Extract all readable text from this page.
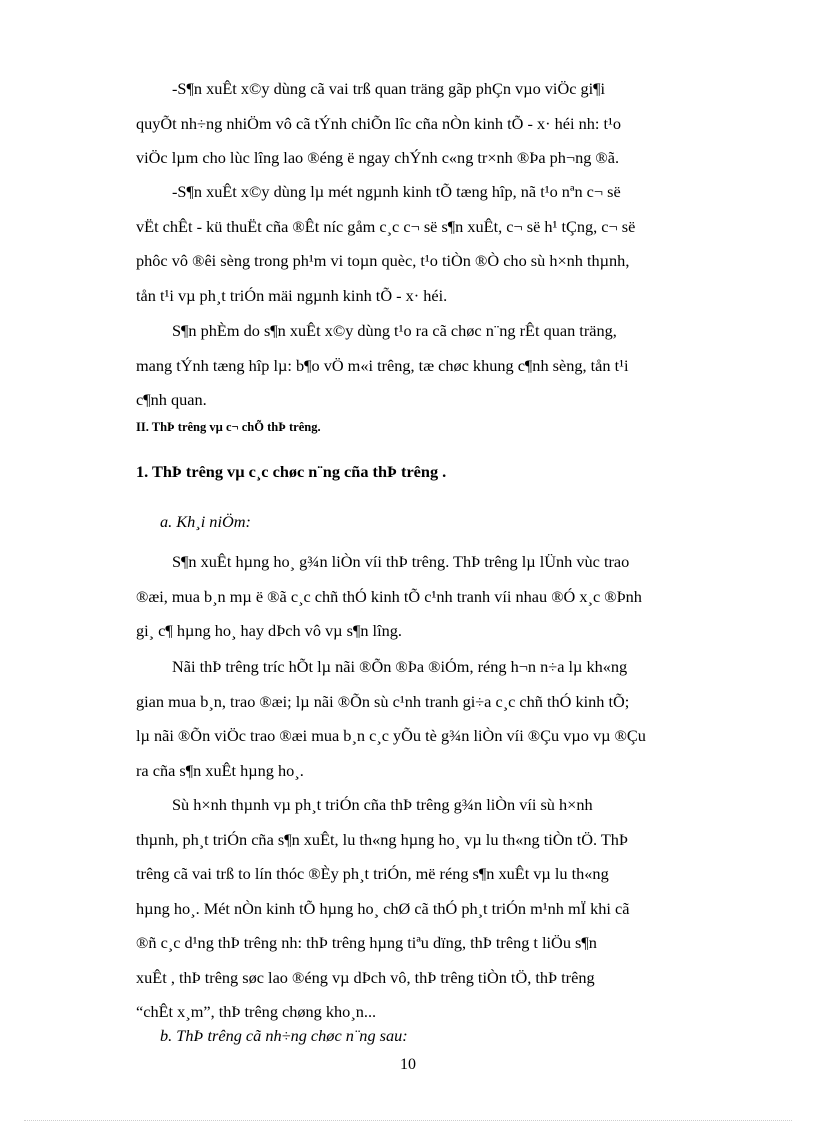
-S¶n xuÊt x©y dùng cã vai trß quan träng gãp phÇn vµo viÖc gi¶i
quyÕt nh÷ng nhiÖm vô cã tÝnh chiÕn lîc cña nÒn kinh tÕ - x· héi nh: t¹o
viÖc lµm cho lùc lîng lao ®éng ë ngay chÝnh c«ng tr×nh ®Þa ph¬ng ®ã.
-S¶n xuÊt x©y dùng lµ mét ngµnh kinh tÕ tæng hîp, nã t¹o nªn c¬ së
vËt chÊt - kü thuËt cña ®Êt níc gåm c¸c c¬ së s¶n xuÊt, c¬ së h¹ tÇng, c¬ së
phôc vô ®êi sèng trong ph¹m vi toµn quèc, t¹o tiÒn ®Ò cho sù h×nh thµnh,
tån t¹i vµ ph¸t triÓn mäi ngµnh kinh tÕ - x· héi.
S¶n phÈm do s¶n xuÊt x©y dùng t¹o ra cã chøc n¨ng rÊt quan träng,
mang tÝnh tæng hîp lµ: b¶o vÖ m«i trêng, tæ chøc khung c¶nh sèng, tån t¹i
c¶nh quan.

II. ThÞ trêng vµ c¬ chÕ thÞ trêng.

1. ThÞ trêng vµ c¸c chøc n¨ng cña thÞ trêng .

a. Kh¸i niÖm:

S¶n xuÊt hµng ho¸ g¾n liÒn víi thÞ trêng. ThÞ trêng lµ lÜnh vùc trao
®æi, mua b¸n mµ ë ®ã c¸c chñ thÓ kinh tÕ c¹nh tranh víi nhau ®Ó x¸c ®Þnh
gi¸ c¶ hµng ho¸ hay dÞch vô vµ s¶n lîng.
Nãi thÞ trêng tríc hÕt lµ nãi ®Õn ®Þa ®iÓm, réng h¬n n÷a lµ kh«ng
gian mua b¸n, trao ®æi; lµ nãi ®Õn sù c¹nh tranh gi÷a c¸c chñ thÓ kinh tÕ;
lµ nãi ®Õn viÖc trao ®æi mua b¸n c¸c yÕu tè g¾n liÒn víi ®Çu vµo vµ ®Çu
ra cña s¶n xuÊt hµng ho¸.
Sù h×nh thµnh vµ ph¸t triÓn cña thÞ trêng g¾n liÒn víi sù h×nh
thµnh, ph¸t triÓn cña s¶n xuÊt, lu th«ng hµng ho¸ vµ lu th«ng tiÒn tÖ. ThÞ
trêng cã vai trß to lín thóc ®Èy ph¸t triÓn, më réng s¶n xuÊt vµ lu th«ng
hµng ho¸. Mét nÒn kinh tÕ hµng ho¸ chØ cã thÓ ph¸t triÓn m¹nh mÏ khi cã
®ñ c¸c d¹ng thÞ trêng nh: thÞ trêng hµng tiªu dïng, thÞ trêng t liÖu s¶n
xuÊt , thÞ trêng søc lao ®éng vµ dÞch vô, thÞ trêng tiÒn tÖ, thÞ trêng
“chÊt x¸m”, thÞ trêng chøng kho¸n...

b. ThÞ trêng cã nh÷ng chøc n¨ng sau:

10
